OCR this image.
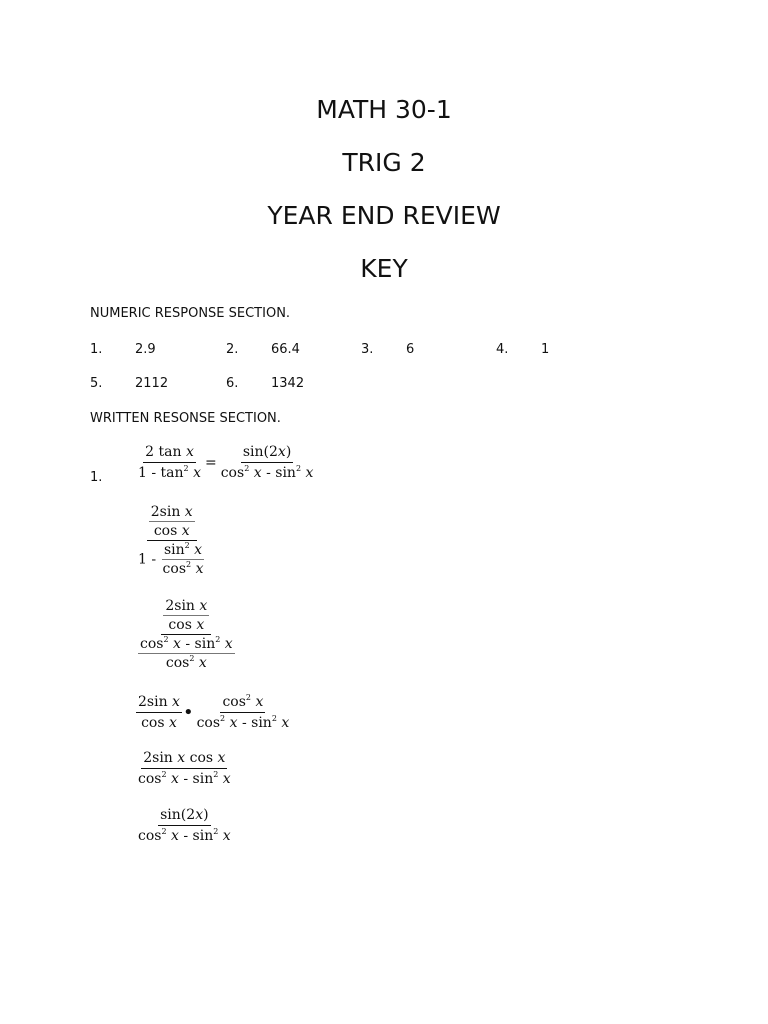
MATH 30-1
TRIG 2
YEAR END REVIEW
KEY
NUMERIC RESPONSE SECTION.
1.	2.9	2.	66.4	3.	6	4.	1
5.	2112	6.	1342
WRITTEN RESONSE SECTION.
1. $\frac{\text{2 tan x}}{1 - \tan^2 x} = \frac{\sin(2x)}{\cos^2 x - \sin^2 x}$
$\frac{\frac{\text{2sin x}}{\text{cos x}}}{1 - \frac{\sin^2 x}{\cos^2 x}}$
$\frac{\frac{\text{2sin x}}{\text{cos x}}}{\frac{\cos^2 x - \sin^2 x}{\cos^2 x}}$
$\frac{\text{2sin x}}{\text{cos x}}$ • $\frac{\cos^2 x}{\cos^2 x - \sin^2 x}$
$\frac{\text{2sin x cos x}}{\cos^2 x - \sin^2 x}$
$\frac{\sin(2x)}{\cos^2 x - \sin^2 x}$
